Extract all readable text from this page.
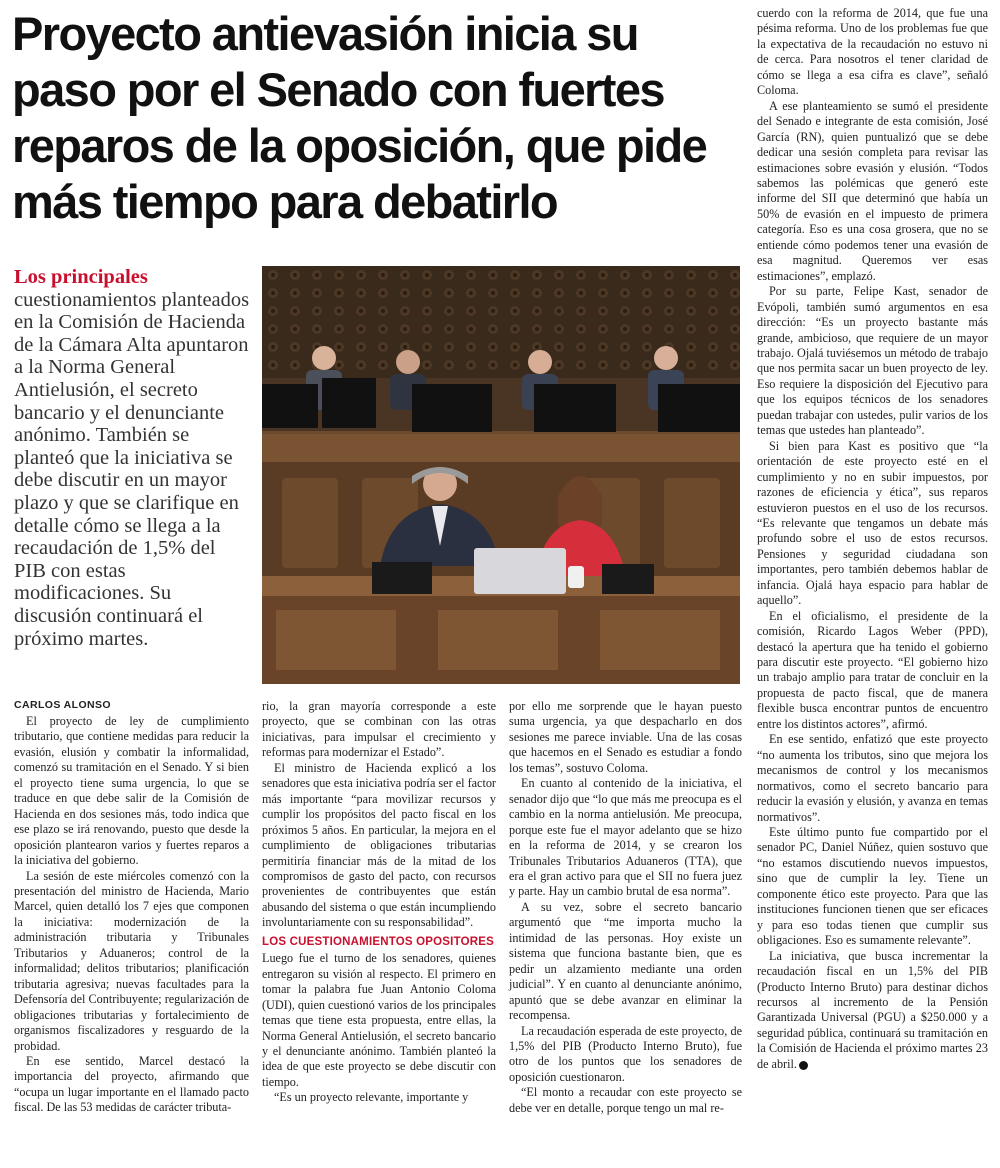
Proyecto antievasión inicia su paso por el Senado con fuertes reparos de la oposición, que pide más tiempo para debatirlo

Los principales cuestionamientos planteados en la Comisión de Hacienda de la Cámara Alta apuntaron a la Norma General Antielusión, el secreto bancario y el denunciante anónimo. También se planteó que la iniciativa se debe discutir en un mayor plazo y que se clarifique en detalle cómo se llega a la recaudación de 1,5% del PIB con estas modificaciones. Su discusión continuará el próximo martes.

CARLOS ALONSO

El proyecto de ley de cumplimiento tributario, que contiene medidas para reducir la evasión, elusión y combatir la informalidad, comenzó su tramitación en el Senado. Y si bien el proyecto tiene suma urgencia, lo que se traduce en que debe salir de la Comisión de Hacienda en dos sesiones más, todo indica que ese plazo se irá renovando, puesto que desde la oposición plantearon varios y fuertes reparos a la iniciativa del gobierno.

La sesión de este miércoles comenzó con la presentación del ministro de Hacienda, Mario Marcel, quien detalló los 7 ejes que componen la iniciativa: modernización de la administración tributaria y Tribunales Tributarios y Aduaneros; control de la informalidad; delitos tributarios; planificación tributaria agresiva; nuevas facultades para la Defensoría del Contribuyente; regularización de obligaciones tributarias y fortalecimiento de organismos fiscalizadores y resguardo de la probidad.

En ese sentido, Marcel destacó la importancia del proyecto, afirmando que “ocupa un lugar importante en el llamado pacto fiscal. De las 53 medidas de carácter tributa-

rio, la gran mayoría corresponde a este proyecto, que se combinan con las otras iniciativas, para impulsar el crecimiento y reformas para modernizar el Estado”.

El ministro de Hacienda explicó a los senadores que esta iniciativa podría ser el factor más importante “para movilizar recursos y cumplir los propósitos del pacto fiscal en los próximos 5 años. En particular, la mejora en el cumplimiento de obligaciones tributarias permitiría financiar más de la mitad de los compromisos de gasto del pacto, con recursos provenientes de contribuyentes que están abusando del sistema o que están incumpliendo involuntariamente con su responsabilidad”.

LOS CUESTIONAMIENTOS OPOSITORES

Luego fue el turno de los senadores, quienes entregaron su visión al respecto. El primero en tomar la palabra fue Juan Antonio Coloma (UDI), quien cuestionó varios de los principales temas que tiene esta propuesta, entre ellas, la Norma General Antielusión, el secreto bancario y el denunciante anónimo. También planteó la idea de que este proyecto se debe discutir con tiempo.

“Es un proyecto relevante, importante y

por ello me sorprende que le hayan puesto suma urgencia, ya que despacharlo en dos sesiones me parece inviable. Una de las cosas que hacemos en el Senado es estudiar a fondo los temas”, sostuvo Coloma.

En cuanto al contenido de la iniciativa, el senador dijo que “lo que más me preocupa es el cambio en la norma antielusión. Me preocupa, porque este fue el mayor adelanto que se hizo en la reforma de 2014, y se crearon los Tribunales Tributarios Aduaneros (TTA), que era el gran activo para que el SII no fuera juez y parte. Hay un cambio brutal de esa norma”.

A su vez, sobre el secreto bancario argumentó que “me importa mucho la intimidad de las personas. Hoy existe un sistema que funciona bastante bien, que es pedir un alzamiento mediante una orden judicial”. Y en cuanto al denunciante anónimo, apuntó que se debe avanzar en eliminar la recompensa.

La recaudación esperada de este proyecto, de 1,5% del PIB (Producto Interno Bruto), fue otro de los puntos que los senadores de oposición cuestionaron.

“El monto a recaudar con este proyecto se debe ver en detalle, porque tengo un mal re-

cuerdo con la reforma de 2014, que fue una pésima reforma. Uno de los problemas fue que la expectativa de la recaudación no estuvo ni de cerca. Para nosotros el tener claridad de cómo se llega a esa cifra es clave”, señaló Coloma.

A ese planteamiento se sumó el presidente del Senado e integrante de esta comisión, José García (RN), quien puntualizó que se debe dedicar una sesión completa para revisar las estimaciones sobre evasión y elusión. “Todos sabemos las polémicas que generó este informe del SII que determinó que había un 50% de evasión en el impuesto de primera categoría. Eso es una cosa grosera, que no se entiende cómo podemos tener una evasión de esa magnitud. Queremos ver esas estimaciones”, emplazó.

Por su parte, Felipe Kast, senador de Evópoli, también sumó argumentos en esa dirección: “Es un proyecto bastante más grande, ambicioso, que requiere de un mayor trabajo. Ojalá tuviésemos un método de trabajo que nos permita sacar un buen proyecto de ley. Eso requiere la disposición del Ejecutivo para que los equipos técnicos de los senadores puedan trabajar con ustedes, pulir varios de los temas que ustedes han planteado”.

Si bien para Kast es positivo que “la orientación de este proyecto esté en el cumplimiento y no en subir impuestos, por razones de eficiencia y ética”, sus reparos estuvieron puestos en el uso de los recursos. “Es relevante que tengamos un debate más profundo sobre el uso de estos recursos. Pensiones y seguridad ciudadana son importantes, pero también debemos hablar de infancia. Ojalá haya espacio para hablar de aquello”.

En el oficialismo, el presidente de la comisión, Ricardo Lagos Weber (PPD), destacó la apertura que ha tenido el gobierno para discutir este proyecto. “El gobierno hizo un trabajo amplio para tratar de concluir en la propuesta de pacto fiscal, que de manera flexible busca encontrar puntos de encuentro entre los distintos actores”, afirmó.

En ese sentido, enfatizó que este proyecto “no aumenta los tributos, sino que mejora los mecanismos de control y los mecanismos normativos, como el secreto bancario para reducir la evasión y elusión, y avanza en temas normativos”.

Este último punto fue compartido por el senador PC, Daniel Núñez, quien sostuvo que “no estamos discutiendo nuevos impuestos, sino que de cumplir la ley. Tiene un componente ético este proyecto. Para que las instituciones funcionen tienen que ser eficaces y para eso todas tienen que cumplir sus obligaciones. Eso es sumamente relevante”.

La iniciativa, que busca incrementar la recaudación fiscal en un 1,5% del PIB (Producto Interno Bruto) para destinar dichos recursos al incremento de la Pensión Garantizada Universal (PGU) a $250.000 y a seguridad pública, continuará su tramitación en la Comisión de Hacienda el próximo martes 23 de abril.
